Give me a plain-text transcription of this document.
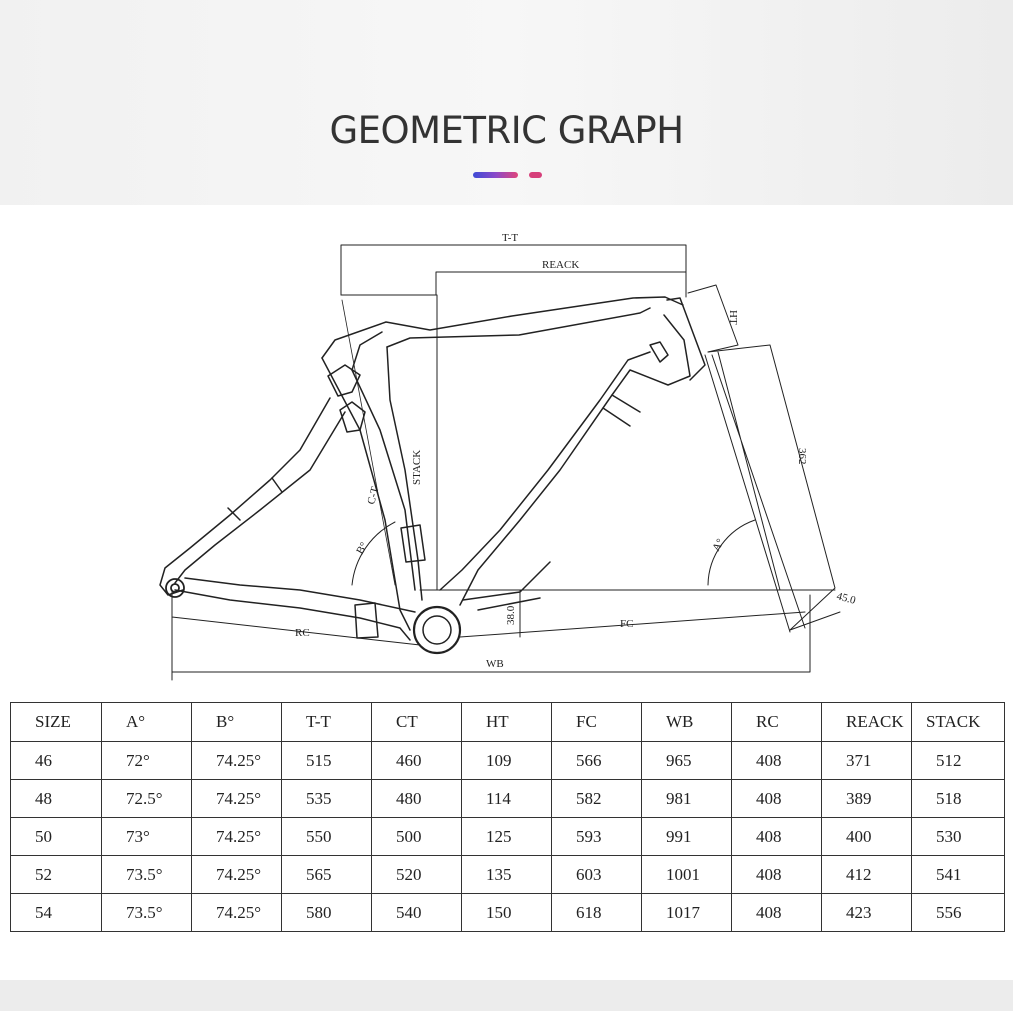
GEOMETRIC GRAPH
T-T
REACK
HT
362
STACK
C-T
B°	A°
38.0
45.0
RC
FC
WB
SIZE	A°	B°	T-T	CT	HT	FC	WB	RC	REACK	STACK
46	72°	74.25°	515	460	109	566	965	408	371	512
48	72.5°	74.25°	535	480	114	582	981	408	389	518
50	73°	74.25°	550	500	125	593	991	408	400	530
52	73.5°	74.25°	565	520	135	603	1001	408	412	541
54	73.5°	74.25°	580	540	150	618	1017	408	423	556
